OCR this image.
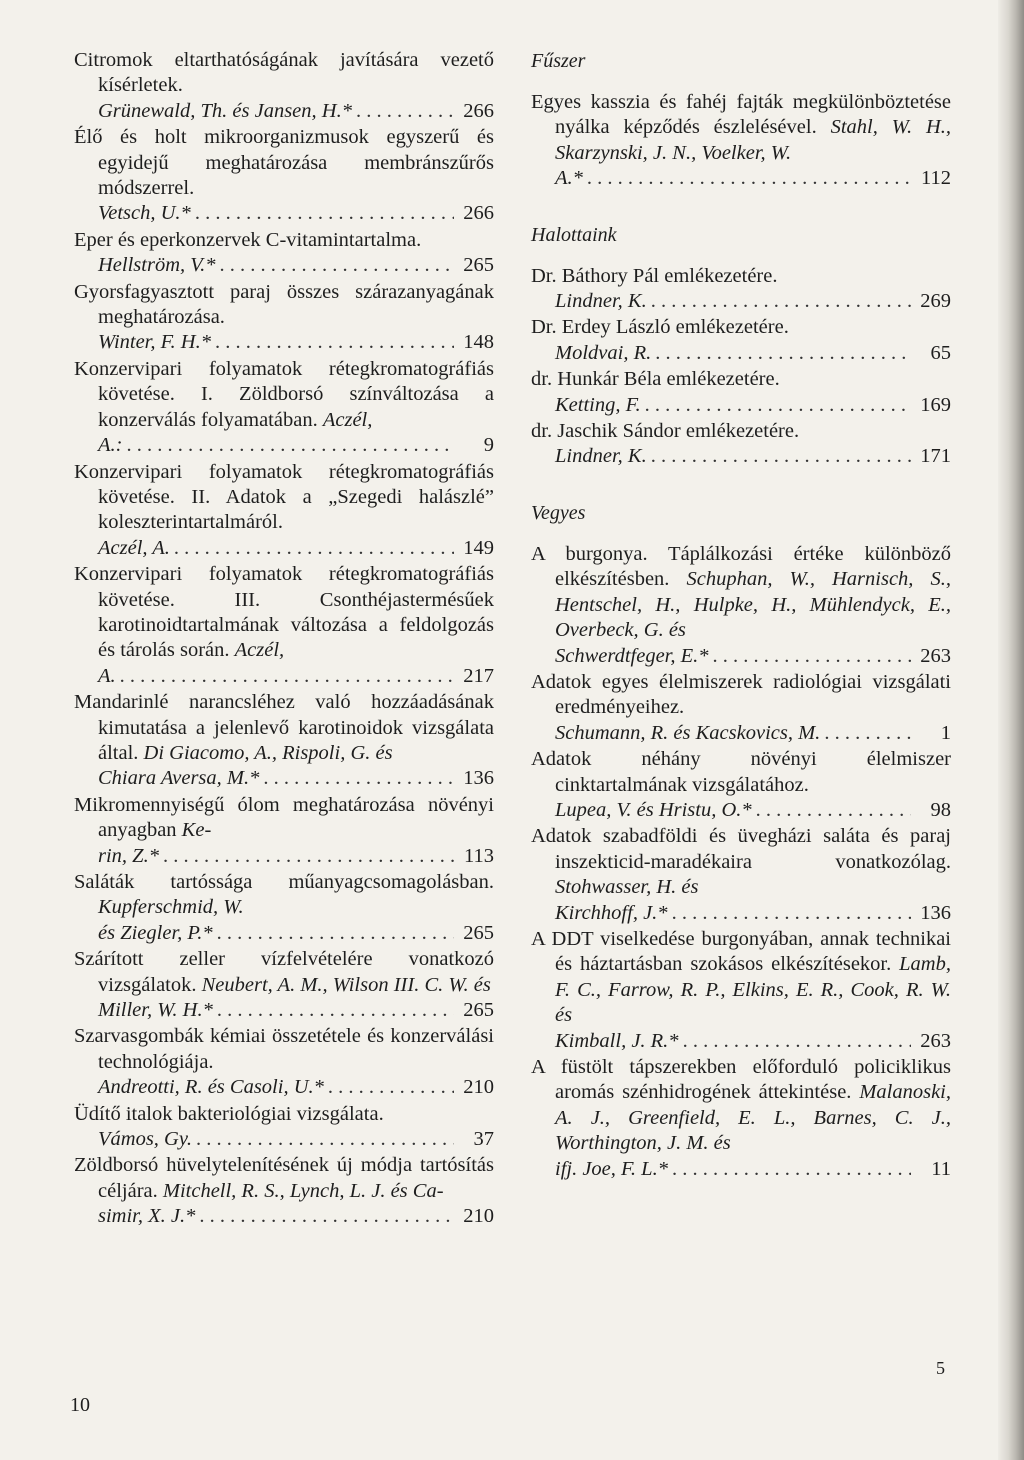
Citromok eltarthatóságának javítására vezető kísérletek.
Grünewald, Th. és Jansen, H.* . . .	266

Élő és holt mikroorganizmusok egyszerű és egyidejű meghatározása membránszűrős módszerrel.
Vetsch, U.* . . .	266

Eper és eperkonzervek C-vitamintartalma.
Hellström, V.* . . .	265

Gyorsfagyasztott paraj összes szárazanyagának meghatározása.
Winter, F. H.* . . .	148

Konzervipari folyamatok rétegkromatográfiás követése. I. Zöldborsó színváltozása a konzerválás folyamatában. Aczél,
A.: . . .	9

Konzervipari folyamatok rétegkromatográfiás követése. II. Adatok a „Szegedi halászlé” koleszterintartalmáról.
Aczél, A. . . .	149

Konzervipari folyamatok rétegkromatográfiás követése. III. Csonthéjastermésűek karotinoidtartalmának változása a feldolgozás és tárolás során. Aczél,
A. . . .	217

Mandarinlé narancsléhez való hozzáadásának kimutatása a jelenlevő karotinoidok vizsgálata által. Di Giacomo, A., Rispoli, G. és
Chiara Aversa, M.* . . .	136

Mikromennyiségű ólom meghatározása növényi anyagban Ke-
rin, Z.* . . .	113

Saláták tartóssága műanyagcsomagolásban. Kupferschmid, W.
és Ziegler, P.* . . .	265

Szárított zeller vízfelvételére vonatkozó vizsgálatok. Neubert, A. M., Wilson III. C. W. és
Miller, W. H.* . . .	265

Szarvasgombák kémiai összetétele és konzerválási technológiája.
Andreotti, R. és Casoli, U.* . . .	210

Üdítő italok bakteriológiai vizsgálata.
Vámos, Gy. . . .	37

Zöldborsó hüvelytelenítésének új módja tartósítás céljára. Mitchell, R. S., Lynch, L. J. és Ca-
simir, X. J.* . . .	210

Fűszer

Egyes kasszia és fahéj fajták megkülönböztetése nyálka képződés észlelésével. Stahl, W. H., Skarzynski, J. N., Voelker, W.
A.* . . .	112

Halottaink

Dr. Báthory Pál emlékezetére.
Lindner, K. . . .	269

Dr. Erdey László emlékezetére.
Moldvai, R. . . .	65

dr. Hunkár Béla emlékezetére.
Ketting, F. . . .	169

dr. Jaschik Sándor emlékezetére.
Lindner, K. . . .	171

Vegyes

A burgonya. Táplálkozási értéke különböző elkészítésben. Schuphan, W., Harnisch, S., Hentschel, H., Hulpke, H., Mühlendyck, E., Overbeck, G. és
Schwerdtfeger, E.* . . .	263

Adatok egyes élelmiszerek radiológiai vizsgálati eredményeihez.
Schumann, R. és Kacskovics, M. . . .	1

Adatok néhány növényi élelmiszer cinktartalmának vizsgálatához.
Lupea, V. és Hristu, O.* . . .	98

Adatok szabadföldi és üvegházi saláta és paraj inszekticid-maradékaira vonatkozólag. Stohwasser, H. és
Kirchhoff, J.* . . .	136

A DDT viselkedése burgonyában, annak technikai és háztartásban szokásos elkészítésekor. Lamb, F. C., Farrow, R. P., Elkins, E. R., Cook, R. W. és
Kimball, J. R.* . . .	263

A füstölt tápszerekben előforduló policiklikus aromás szénhidrogének áttekintése. Malanoski, A. J., Greenfield, E. L., Barnes, C. J., Worthington, J. M. és
ifj. Joe, F. L.* . . .	11

10
5
